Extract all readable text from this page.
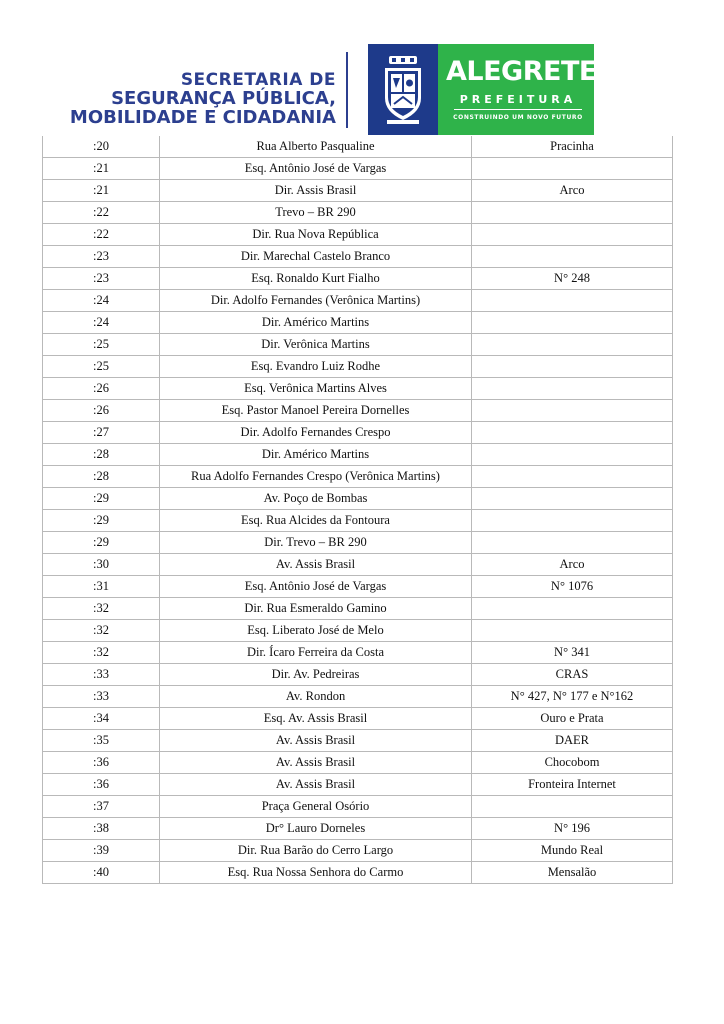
SECRETARIA DE
SEGURANÇA PÚBLICA,
MOBILIDADE E CIDADANIA
ALEGRETE
PREFEITURA
CONSTRUINDO UM NOVO FUTURO
:20	Rua Alberto Pasqualine	Pracinha
:21	Esq. Antônio José de Vargas	
:21	Dir. Assis Brasil	Arco
:22	Trevo – BR 290	
:22	Dir. Rua Nova República	
:23	Dir. Marechal Castelo Branco	
:23	Esq. Ronaldo Kurt Fialho	N° 248
:24	Dir. Adolfo Fernandes (Verônica Martins)	
:24	Dir. Américo Martins	
:25	Dir. Verônica Martins	
:25	Esq. Evandro Luiz Rodhe	
:26	Esq. Verônica Martins Alves	
:26	Esq. Pastor Manoel Pereira Dornelles	
:27	Dir. Adolfo Fernandes Crespo	
:28	Dir. Américo Martins	
:28	Rua Adolfo Fernandes Crespo (Verônica Martins)	
:29	Av. Poço de Bombas	
:29	Esq. Rua Alcides da Fontoura	
:29	Dir. Trevo – BR 290	
:30	Av. Assis Brasil	Arco
:31	Esq. Antônio José de Vargas	N° 1076
:32	Dir. Rua Esmeraldo Gamino	
:32	Esq. Liberato José de Melo	
:32	Dir. Ícaro Ferreira da Costa	N° 341
:33	Dir. Av. Pedreiras	CRAS
:33	Av. Rondon	N° 427, N° 177 e N°162
:34	Esq. Av. Assis Brasil	Ouro e Prata
:35	Av. Assis Brasil	DAER
:36	Av. Assis Brasil	Chocobom
:36	Av. Assis Brasil	Fronteira Internet
:37	Praça General Osório	
:38	Dr° Lauro Dorneles	N° 196
:39	Dir. Rua Barão do Cerro Largo	Mundo Real
:40	Esq. Rua Nossa Senhora do Carmo	Mensalão
